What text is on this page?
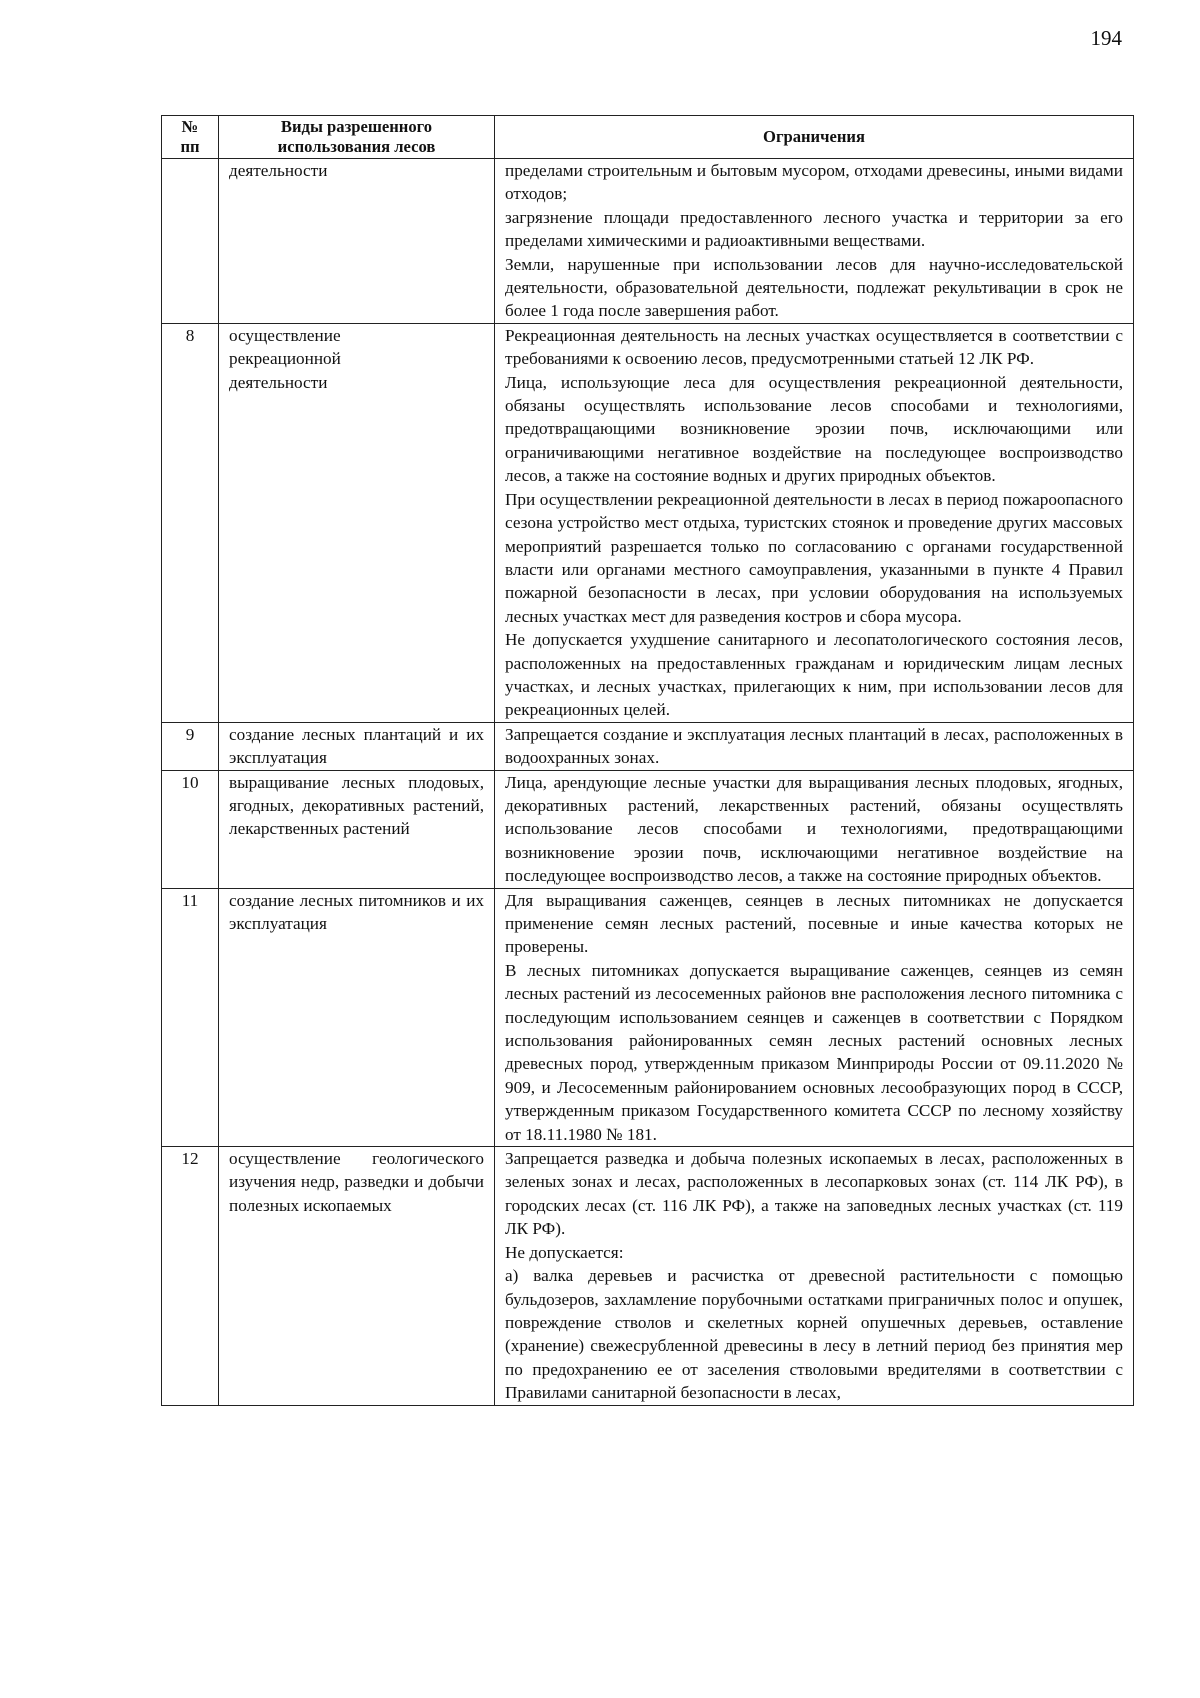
194
№ пп	Виды разрешенного использования лесов	Ограничения

	деятельности	пределами строительным и бытовым мусором, отходами древесины, иными видами отходов;

загрязнение площади предоставленного лесного участка и территории за его пределами химическими и радиоактивными веществами.

Земли, нарушенные при использовании лесов для научно-исследовательской деятельности, образовательной деятельности, подлежат рекультивации в срок не более 1 года после завершения работ.

8	осуществление рекреационной деятельности	Рекреационная деятельность на лесных участках осуществляется в соответствии с требованиями к освоению лесов, предусмотренными статьей 12 ЛК РФ.

Лица, использующие леса для осуществления рекреационной деятельности, обязаны осуществлять использование лесов способами и технологиями, предотвращающими возникновение эрозии почв, исключающими или ограничивающими негативное воздействие на последующее воспроизводство лесов, а также на состояние водных и других природных объектов.

При осуществлении рекреационной деятельности в лесах в период пожароопасного сезона устройство мест отдыха, туристских стоянок и проведение других массовых мероприятий разрешается только по согласованию с органами государственной власти или органами местного самоуправления, указанными в пункте 4 Правил пожарной безопасности в лесах, при условии оборудования на используемых лесных участках мест для разведения костров и сбора мусора.

Не допускается ухудшение санитарного и лесопатологического состояния лесов, расположенных на предоставленных гражданам и юридическим лицам лесных участках, и лесных участках, прилегающих к ним, при использовании лесов для рекреационных целей.

9	создание лесных плантаций и их эксплуатация	Запрещается создание и эксплуатация лесных плантаций в лесах, расположенных в водоохранных зонах.

10	выращивание лесных плодовых, ягодных, декоративных растений, лекарственных растений	Лица, арендующие лесные участки для выращивания лесных плодовых, ягодных, декоративных растений, лекарственных растений, обязаны осуществлять использование лесов способами и технологиями, предотвращающими возникновение эрозии почв, исключающими негативное воздействие на последующее воспроизводство лесов, а также на состояние природных объектов.

11	создание лесных питомников и их эксплуатация	Для выращивания саженцев, сеянцев в лесных питомниках не допускается применение семян лесных растений, посевные и иные качества которых не проверены.

В лесных питомниках допускается выращивание саженцев, сеянцев из семян лесных растений из лесосеменных районов вне расположения лесного питомника с последующим использованием сеянцев и саженцев в соответствии с Порядком использования районированных семян лесных растений основных лесных древесных пород, утвержденным приказом Минприроды России от 09.11.2020 № 909, и Лесосеменным районированием основных лесообразующих пород в СССР, утвержденным приказом Государственного комитета СССР по лесному хозяйству от 18.11.1980 № 181.

12	осуществление геологического изучения недр, разведки и добычи полезных ископаемых	Запрещается разведка и добыча полезных ископаемых в лесах, расположенных в зеленых зонах и лесах, расположенных в лесопарковых зонах (ст. 114 ЛК РФ), в городских лесах (ст. 116 ЛК РФ), а также на заповедных лесных участках (ст. 119 ЛК РФ).

Не допускается:

а) валка деревьев и расчистка от древесной растительности с помощью бульдозеров, захламление порубочными остатками приграничных полос и опушек, повреждение стволов и скелетных корней опушечных деревьев, оставление (хранение) свежесрубленной древесины в лесу в летний период без принятия мер по предохранению ее от заселения стволовыми вредителями в соответствии с Правилами санитарной безопасности в лесах,
